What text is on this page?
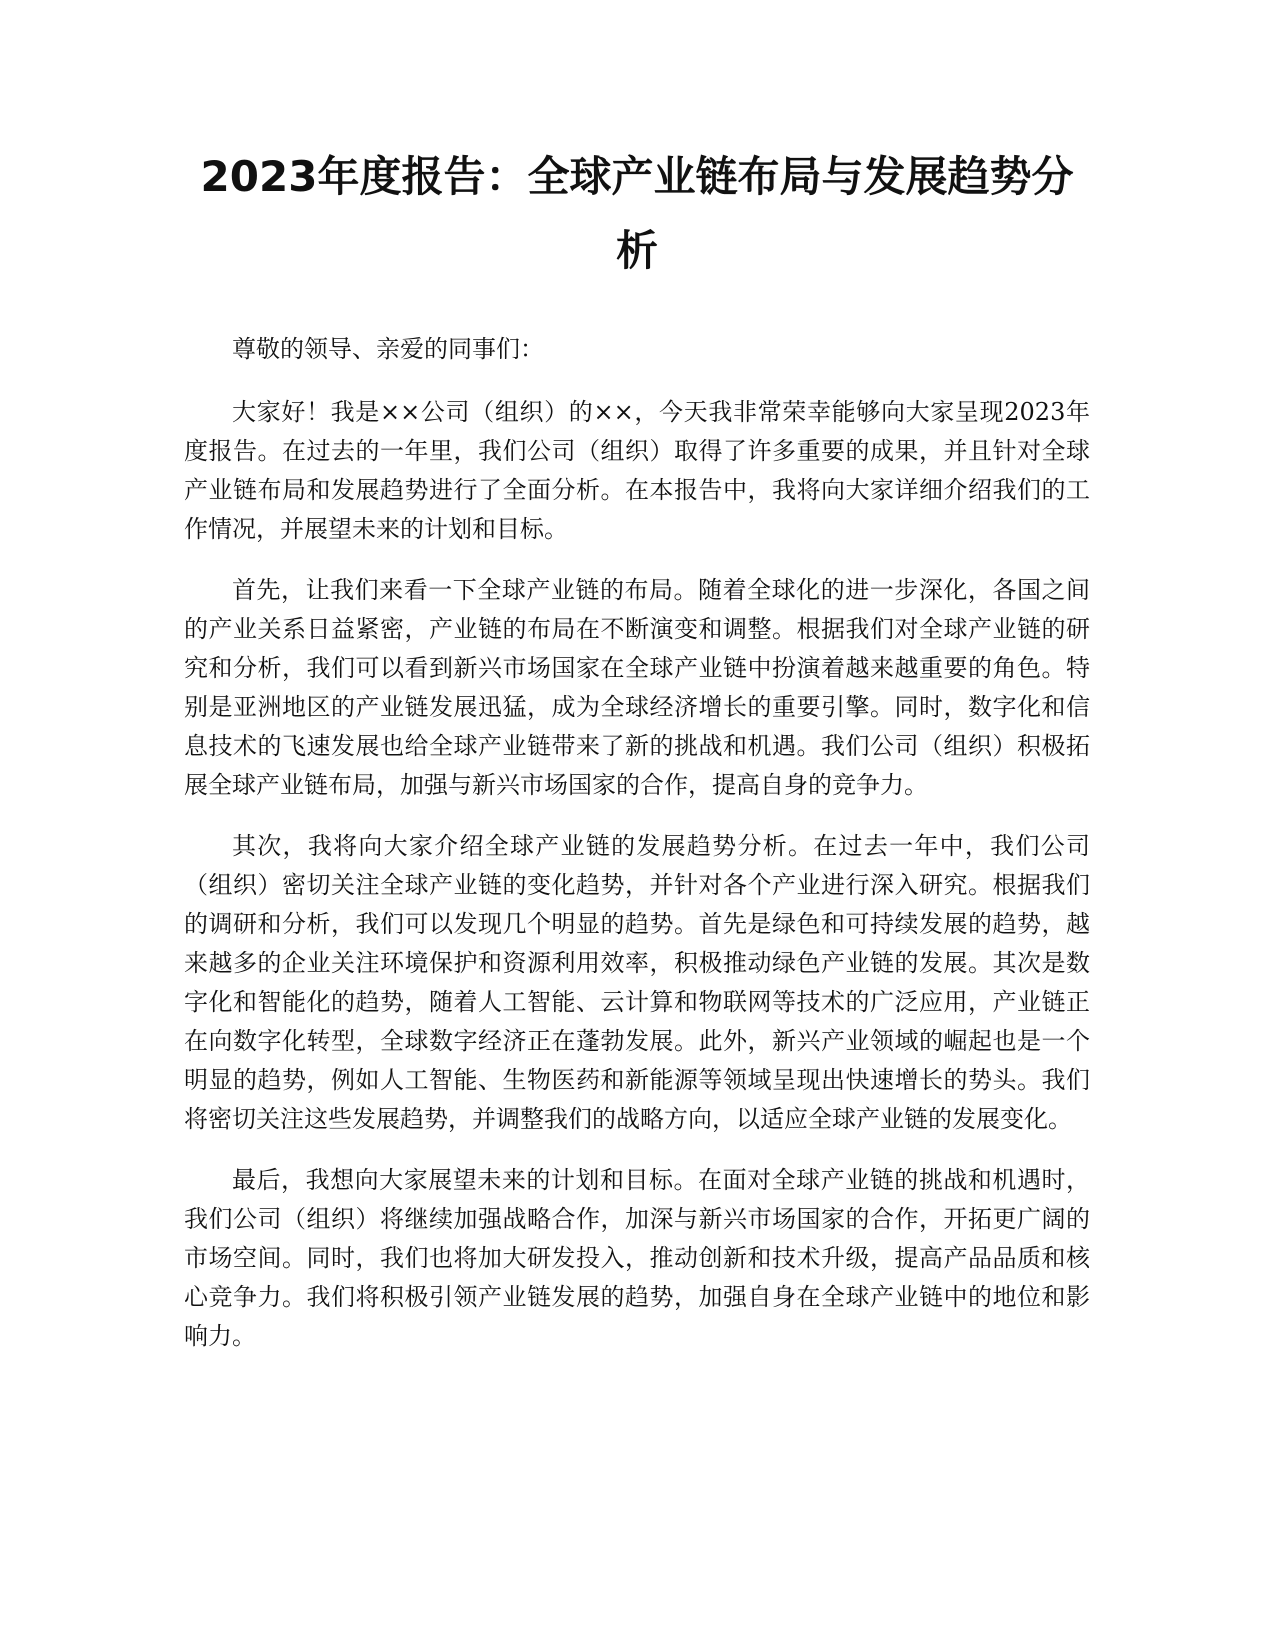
2023年度报告：全球产业链布局与发展趋势分析

尊敬的领导、亲爱的同事们：

大家好！我是××公司（组织）的××，今天我非常荣幸能够向大家呈现2023年度报告。在过去的一年里，我们公司（组织）取得了许多重要的成果，并且针对全球产业链布局和发展趋势进行了全面分析。在本报告中，我将向大家详细介绍我们的工作情况，并展望未来的计划和目标。

首先，让我们来看一下全球产业链的布局。随着全球化的进一步深化，各国之间的产业关系日益紧密，产业链的布局在不断演变和调整。根据我们对全球产业链的研究和分析，我们可以看到新兴市场国家在全球产业链中扮演着越来越重要的角色。特别是亚洲地区的产业链发展迅猛，成为全球经济增长的重要引擎。同时，数字化和信息技术的飞速发展也给全球产业链带来了新的挑战和机遇。我们公司（组织）积极拓展全球产业链布局，加强与新兴市场国家的合作，提高自身的竞争力。

其次，我将向大家介绍全球产业链的发展趋势分析。在过去一年中，我们公司（组织）密切关注全球产业链的变化趋势，并针对各个产业进行深入研究。根据我们的调研和分析，我们可以发现几个明显的趋势。首先是绿色和可持续发展的趋势，越来越多的企业关注环境保护和资源利用效率，积极推动绿色产业链的发展。其次是数字化和智能化的趋势，随着人工智能、云计算和物联网等技术的广泛应用，产业链正在向数字化转型，全球数字经济正在蓬勃发展。此外，新兴产业领域的崛起也是一个明显的趋势，例如人工智能、生物医药和新能源等领域呈现出快速增长的势头。我们将密切关注这些发展趋势，并调整我们的战略方向，以适应全球产业链的发展变化。

最后，我想向大家展望未来的计划和目标。在面对全球产业链的挑战和机遇时，我们公司（组织）将继续加强战略合作，加深与新兴市场国家的合作，开拓更广阔的市场空间。同时，我们也将加大研发投入，推动创新和技术升级，提高产品品质和核心竞争力。我们将积极引领产业链发展的趋势，加强自身在全球产业链中的地位和影响力。
